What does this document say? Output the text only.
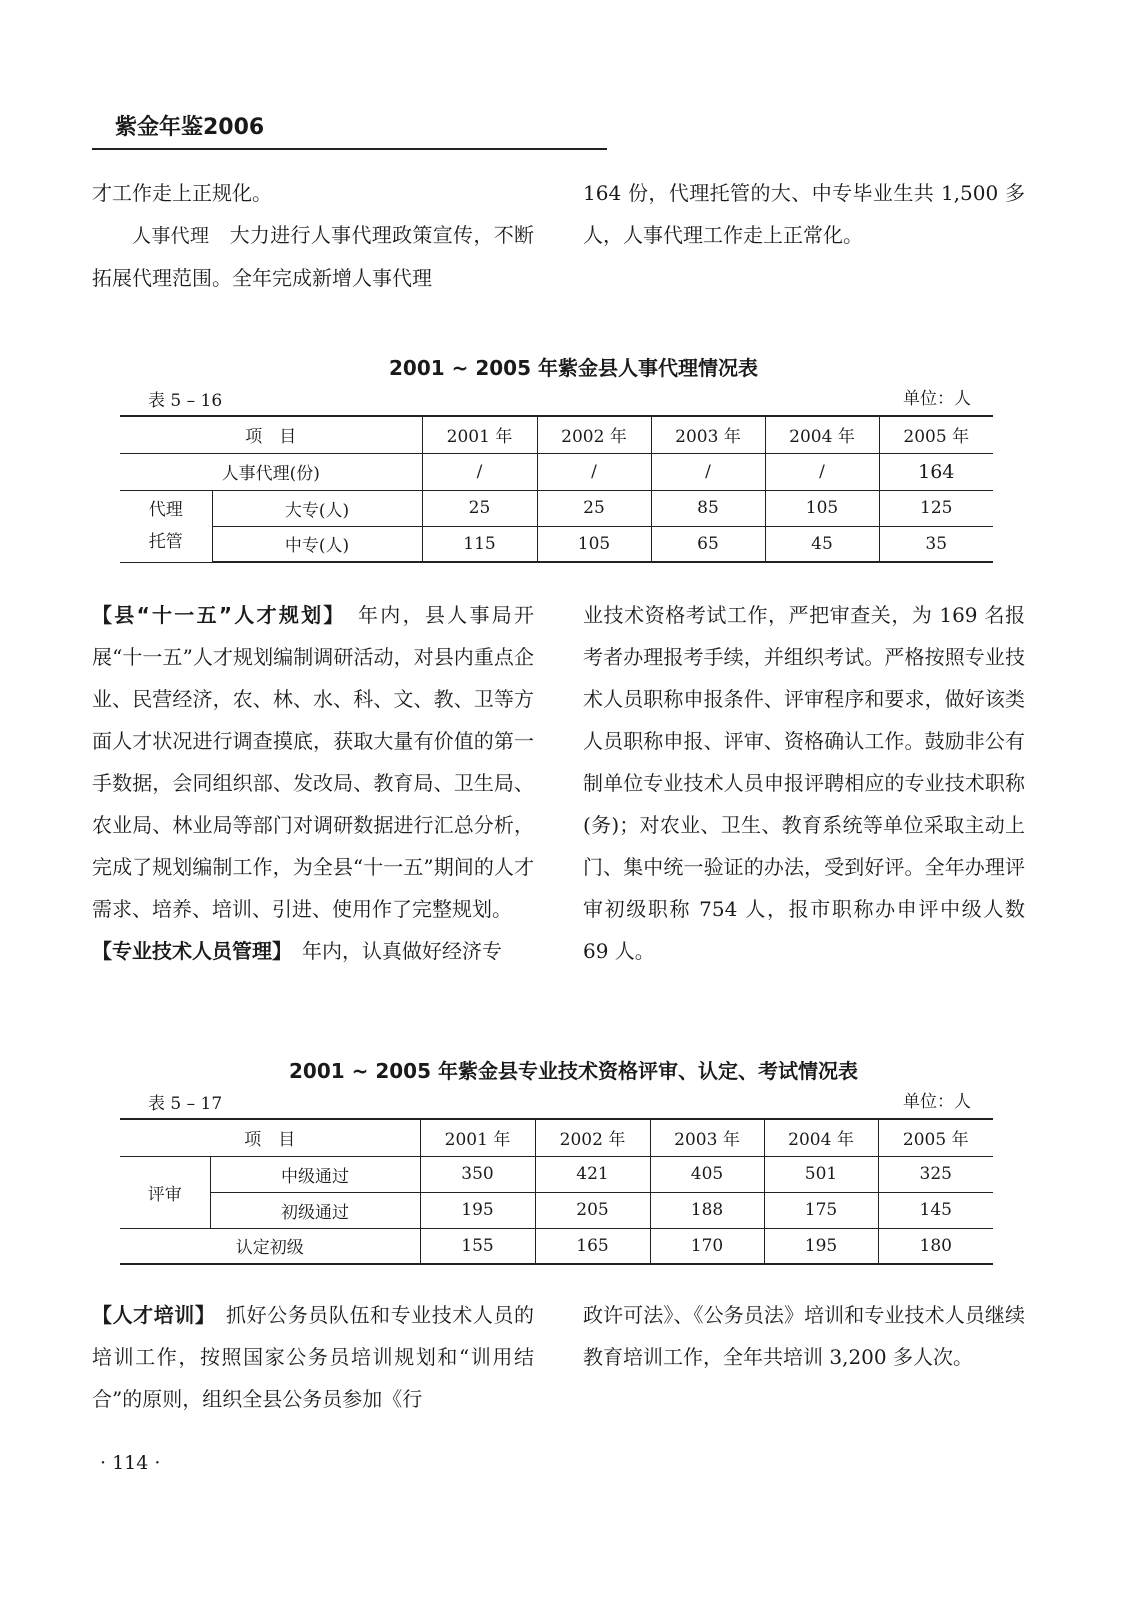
紫金年鉴2006

才工作走上正规化。

人事代理　 大力进行人事代理政策宣传，不断拓展代理范围。全年完成新增人事代理

164 份，代理托管的大、中专毕业生共 1,500 多人，人事代理工作走上正常化。

2001 ~ 2005 年紫金县人事代理情况表
表 5 – 16	单位：人
项　目		2001 年	2002 年	2003 年	2004 年	2005 年
人事代理(份)		/	/	/	/	164

代理
托管	大专(人)	25	25	85	105	125
	中专(人)	115	105	65	45	35

【县“十一五”人才规划】　 年内，县人事局开展“十一五”人才规划编制调研活动，对县内重点企业、民营经济，农、林、水、科、文、教、卫等方面人才状况进行调查摸底，获取大量有价值的第一手数据，会同组织部、发改局、教育局、卫生局、农业局、林业局等部门对调研数据进行汇总分析，完成了规划编制工作，为全县“十一五”期间的人才需求、培养、培训、引进、使用作了完整规划。

【专业技术人员管理】　 年内，认真做好经济专

业技术资格考试工作，严把审查关，为 169 名报考者办理报考手续，并组织考试。严格按照专业技术人员职称申报条件、评审程序和要求，做好该类人员职称申报、评审、资格确认工作。鼓励非公有制单位专业技术人员申报评聘相应的专业技术职称(务)；对农业、卫生、教育系统等单位采取主动上门、集中统一验证的办法，受到好评。全年办理评审初级职称 754 人，报市职称办申评中级人数 69 人。

2001 ~ 2005 年紫金县专业技术资格评审、认定、考试情况表
表 5 – 17	单位：人
项　目		2001 年	2002 年	2003 年	2004 年	2005 年
评审	中级通过	350	421	405	501	325
	初级通过	195	205	188	175	145
认定初级		155	165	170	195	180

【人才培训】　 抓好公务员队伍和专业技术人员的培训工作，按照国家公务员培训规划和“训用结合”的原则，组织全县公务员参加《行

政许可法》、《公务员法》培训和专业技术人员继续教育培训工作，全年共培训 3,200 多人次。

· 114 ·
